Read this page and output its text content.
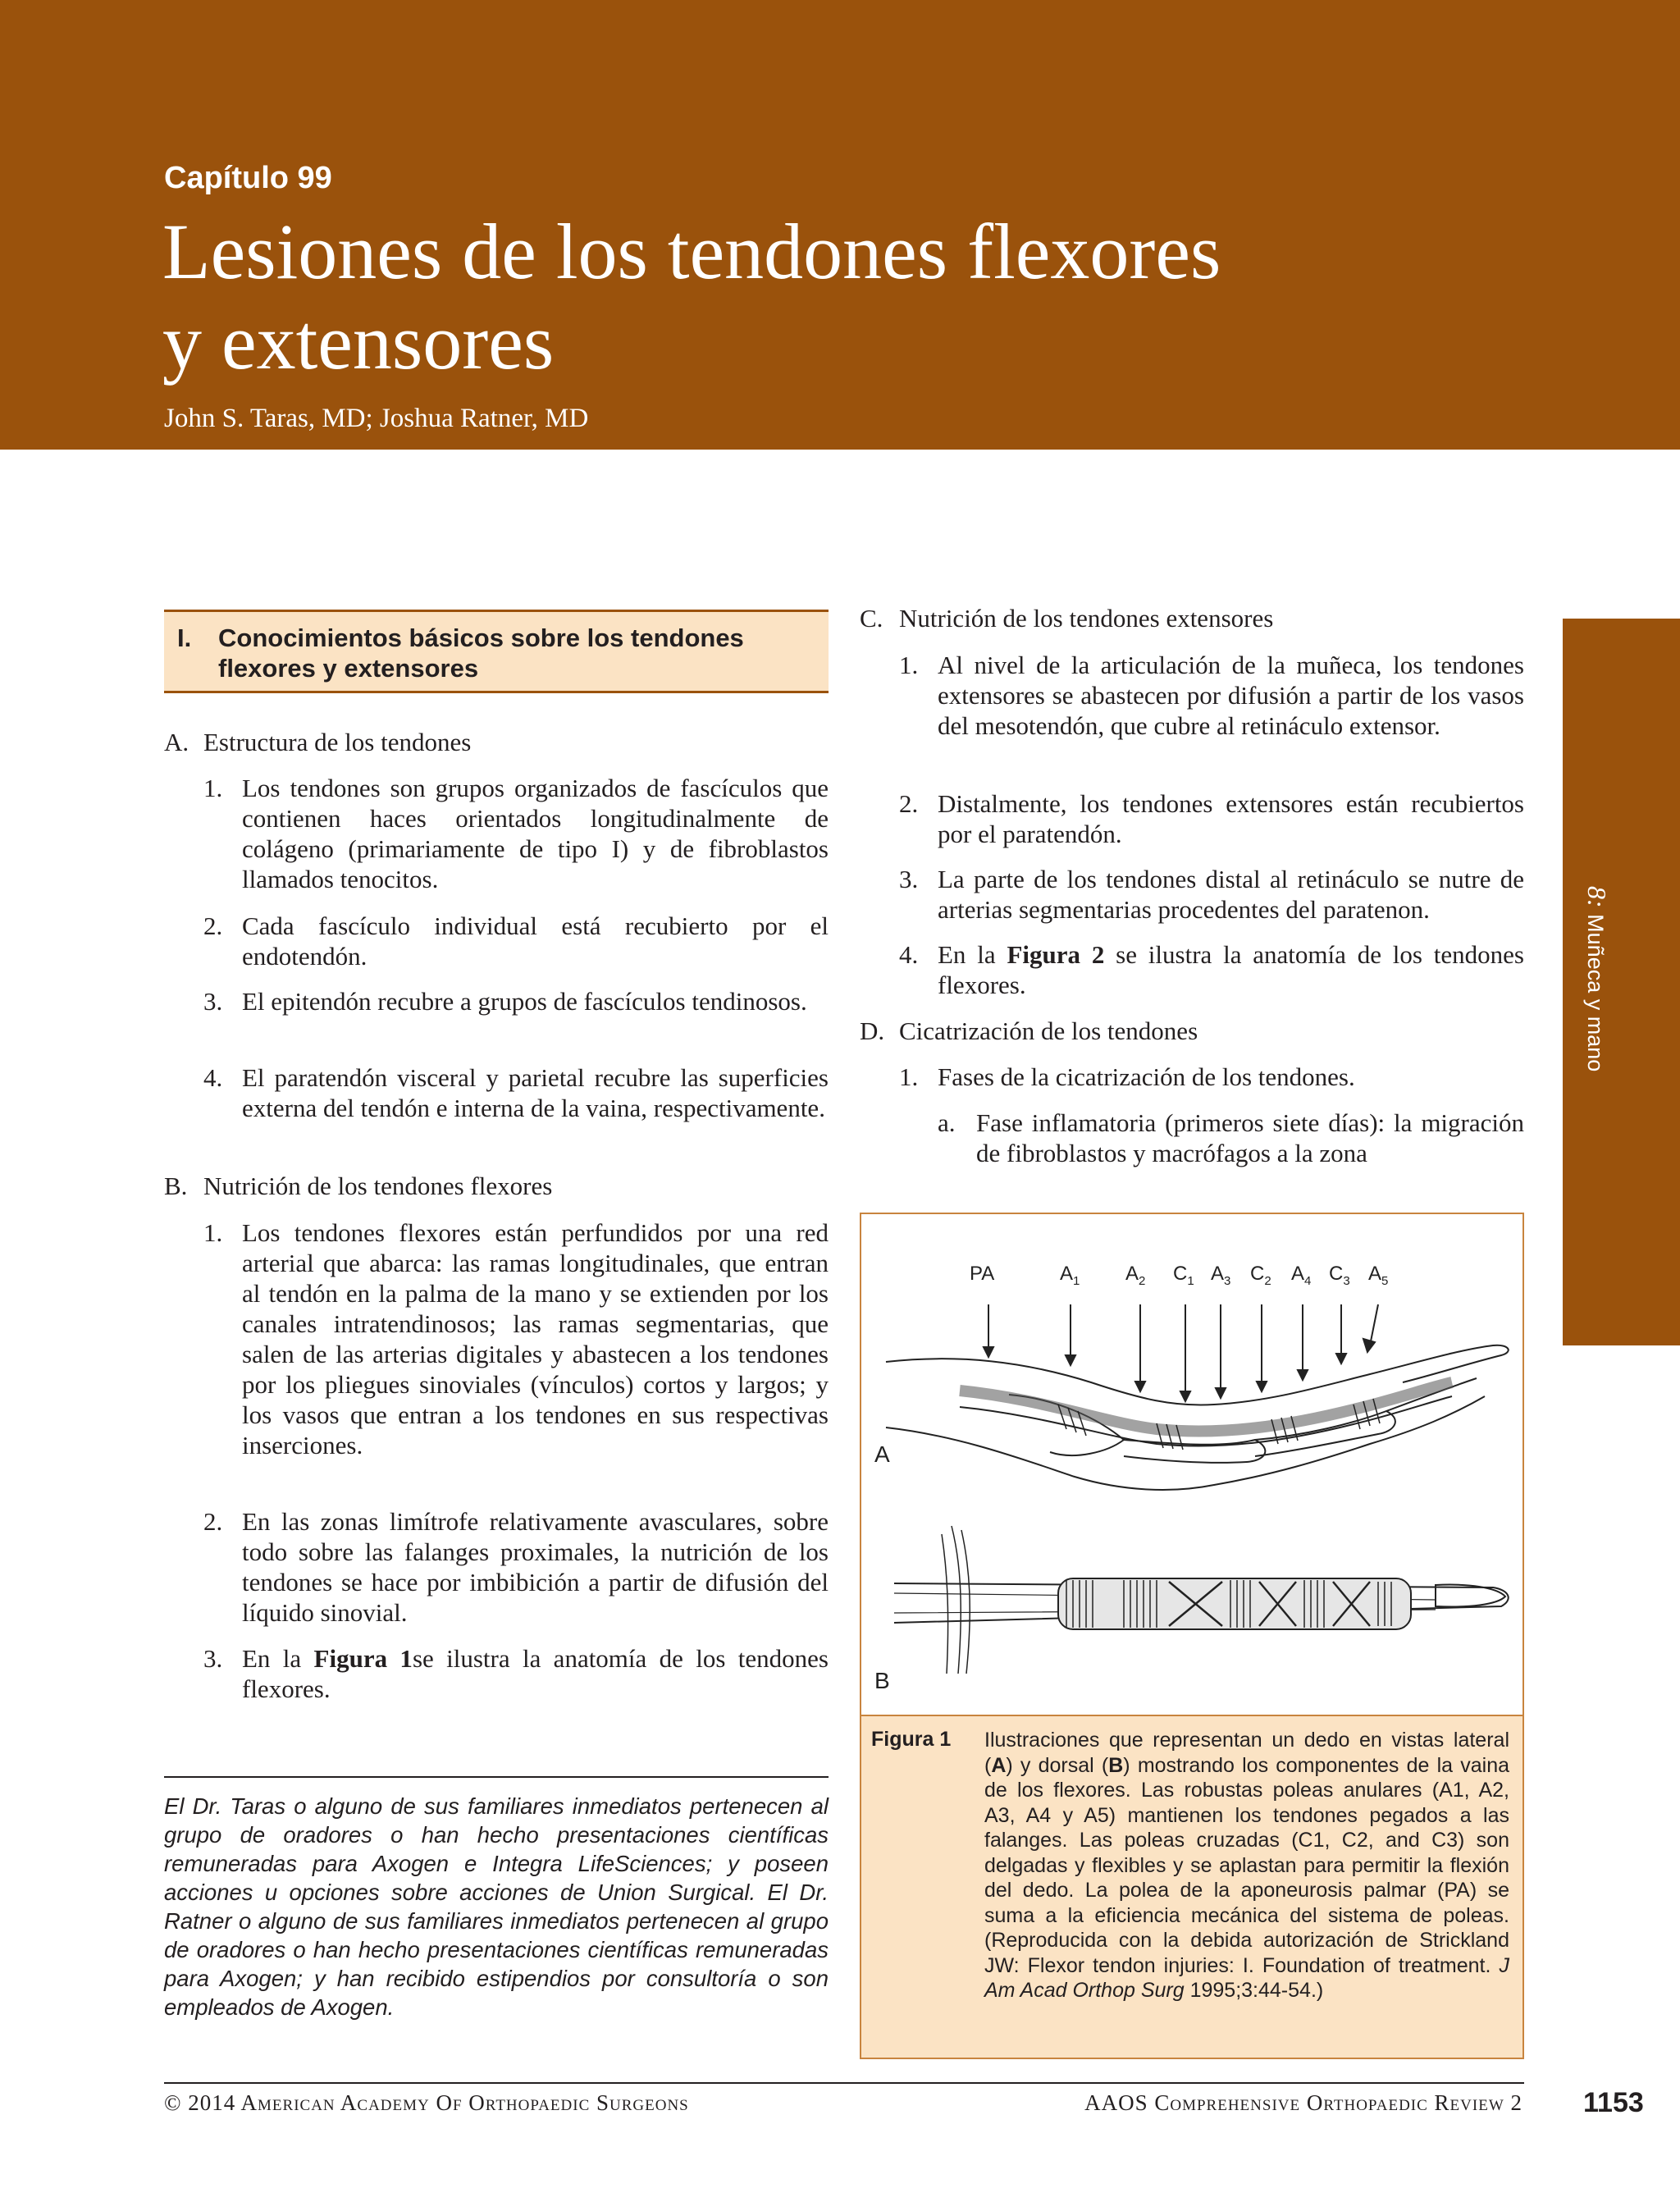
Capítulo 99
Lesiones de los tendones flexores
y extensores
John S. Taras, MD; Joshua Ratner, MD
8: Muñeca y mano
I. Conocimientos básicos sobre los tendones flexores y extensores
A. Estructura de los tendones
1. Los tendones son grupos organizados de fascículos que contienen haces orientados longitudinalmente de colágeno (primariamente de tipo I) y de fibroblastos llamados tenocitos.
2. Cada fascículo individual está recubierto por el endotendón.
3. El epitendón recubre a grupos de fascículos tendinosos.
4. El paratendón visceral y parietal recubre las superficies externa del tendón e interna de la vaina, respectivamente.
B. Nutrición de los tendones flexores
1. Los tendones flexores están perfundidos por una red arterial que abarca: las ramas longitudinales, que entran al tendón en la palma de la mano y se extienden por los canales intratendinosos; las ramas segmentarias, que salen de las arterias digitales y abastecen a los tendones por los pliegues sinoviales (vínculos) cortos y largos; y los vasos que entran a los tendones en sus respectivas inserciones.
2. En las zonas limítrofe relativamente avasculares, sobre todo sobre las falanges proximales, la nutrición de los tendones se hace por imbibición a partir de difusión del líquido sinovial.
3. En la Figura 1se ilustra la anatomía de los tendones flexores.
C. Nutrición de los tendones extensores
1. Al nivel de la articulación de la muñeca, los tendones extensores se abastecen por difusión a partir de los vasos del mesotendón, que cubre al retináculo extensor.
2. Distalmente, los tendones extensores están recubiertos por el paratendón.
3. La parte de los tendones distal al retináculo se nutre de arterias segmentarias procedentes del paratenon.
4. En la Figura 2 se ilustra la anatomía de los tendones flexores.
D. Cicatrización de los tendones
1. Fases de la cicatrización de los tendones.
a. Fase inflamatoria (primeros siete días): la migración de fibroblastos y macrófagos a la zona
El Dr. Taras o alguno de sus familiares inmediatos pertenecen al grupo de oradores o han hecho presentaciones científicas remuneradas para Axogen e Integra LifeSciences; y poseen acciones u opciones sobre acciones de Union Surgical. El Dr. Ratner o alguno de sus familiares inmediatos pertenecen al grupo de oradores o han hecho presentaciones científicas remuneradas para Axogen; y han recibido estipendios por consultoría o son empleados de Axogen.
PA	$A_1$ $A_2$ $C_1$ $A_3$ $C_2$ $A_4$ $C_3$ $A_5$
A
B
Figura 1 Ilustraciones que representan un dedo en vistas lateral (A) y dorsal (B) mostrando los componentes de la vaina de los flexores. Las robustas poleas anulares (A1, A2, A3, A4 y A5) mantienen los tendones pegados a las falanges. Las poleas cruzadas (C1, C2, and C3) son delgadas y flexibles y se aplastan para permitir la flexión del dedo. La polea de la aponeurosis palmar (PA) se suma a la eficiencia mecánica del sistema de poleas. (Reproducida con la debida autorización de Strickland JW: Flexor tendon injuries: I. Foundation of treatment. J Am Acad Orthop Surg 1995;3:44-54.)
© 2014 American Academy Of Orthopaedic Surgeons	AAOS Comprehensive Orthopaedic Review 2 1153
